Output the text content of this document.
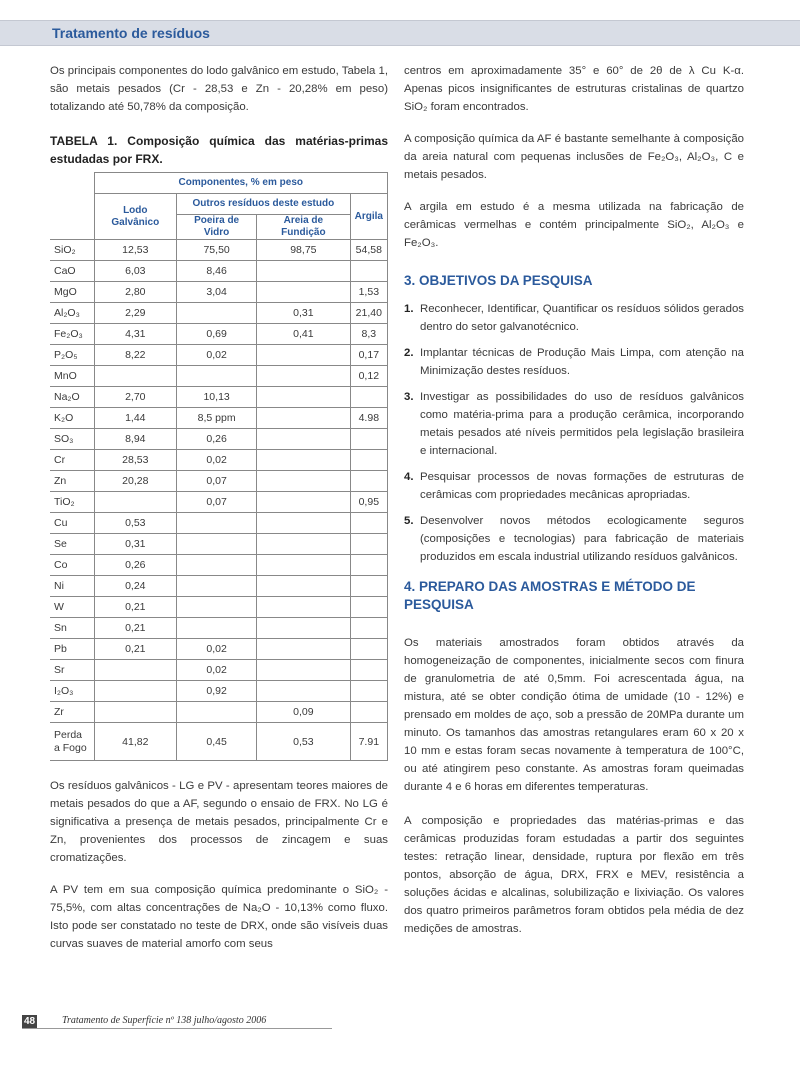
Tratamento de resíduos

Os principais componentes do lodo galvânico em estudo, Tabela 1, são metais pesados (Cr - 28,53 e Zn - 20,28% em peso) totalizando até 50,78% da composição.

TABELA 1. Composição química das matérias-primas estudadas por FRX.

	Componentes, % em peso			
	Lodo Galvânico	Outros resíduos deste estudo		Argila
		Poeira de Vidro	Areia de Fundição	
SiO₂	12,53	75,50	98,75	54,58
CaO	6,03	8,46		
MgO	2,80	3,04		1,53
Al₂O₃	2,29		0,31	21,40
Fe₂O₃	4,31	0,69	0,41	8,3
P₂O₅	8,22	0,02		0,17
MnO				0,12
Na₂O	2,70	10,13		
K₂O	1,44	8,5 ppm		4.98
SO₃	8,94	0,26		
Cr	28,53	0,02		
Zn	20,28	0,07		
TiO₂		0,07		0,95
Cu	0,53			
Se	0,31			
Co	0,26			
Ni	0,24			
W	0,21			
Sn	0,21			
Pb	0,21	0,02		
Sr		0,02		
I₂O₃		0,92		
Zr			0,09	
Perda a Fogo	41,82	0,45	0,53	7.91

Os resíduos galvânicos - LG e PV - apresentam teores maiores de metais pesados do que a AF, segundo o ensaio de FRX. No LG é significativa a presença de metais pesados, principalmente Cr e Zn, provenientes dos processos de zincagem e suas cromatizações.

A PV tem em sua composição química predominante o SiO₂ - 75,5%, com altas concentrações de Na₂O - 10,13% como fluxo. Isto pode ser constatado no teste de DRX, onde são visíveis duas curvas suaves de material amorfo com seus

centros em aproximadamente 35° e 60° de 2θ de λ Cu K-α. Apenas picos insignificantes de estruturas cristalinas de quartzo SiO₂ foram encontrados.

A composição química da AF é bastante semelhante à composição da areia natural com pequenas inclusões de Fe₂O₃, Al₂O₃, C e metais pesados.

A argila em estudo é a mesma utilizada na fabricação de cerâmicas vermelhas e contém principalmente SiO₂, Al₂O₃ e Fe₂O₃.

3. OBJETIVOS DA PESQUISA
1. Reconhecer, Identificar, Quantificar os resíduos sólidos gerados dentro do setor galvanotécnico.
2. Implantar técnicas de Produção Mais Limpa, com atenção na Minimização destes resíduos.
3. Investigar as possibilidades do uso de resíduos galvânicos como matéria-prima para a produção cerâmica, incorporando metais pesados até níveis permitidos pela legislação brasileira e internacional.
4. Pesquisar processos de novas formações de estruturas de cerâmicas com propriedades mecânicas apropriadas.
5. Desenvolver novos métodos ecologicamente seguros (composições e tecnologias) para fabricação de materiais produzidos em escala industrial utilizando resíduos galvânicos.
4. PREPARO DAS AMOSTRAS E MÉTODO DE PESQUISA

Os materiais amostrados foram obtidos através da homogeneização de componentes, inicialmente secos com finura de granulometria de até 0,5mm. Foi acrescentada água, na mistura, até se obter condição ótima de umidade (10 - 12%) e prensado em moldes de aço, sob a pressão de 20MPa durante um minuto. Os tamanhos das amostras retangulares eram 60 x 20 x 10 mm e estas foram secas novamente à temperatura de 100°C, ou até atingirem peso constante. As amostras foram queimadas durante 4 e 6 horas em diferentes temperaturas.

A composição e propriedades das matérias-primas e das cerâmicas produzidas foram estudadas a partir dos seguintes testes: retração linear, densidade, ruptura por flexão em três pontos, absorção de água, DRX, FRX e MEV, resistência a soluções ácidas e alcalinas, solubilização e lixiviação. Os valores dos quatro primeiros parâmetros foram obtidos pela média de dez medições de amostras.

48	Tratamento de Superfície nº 138 julho/agosto 2006
